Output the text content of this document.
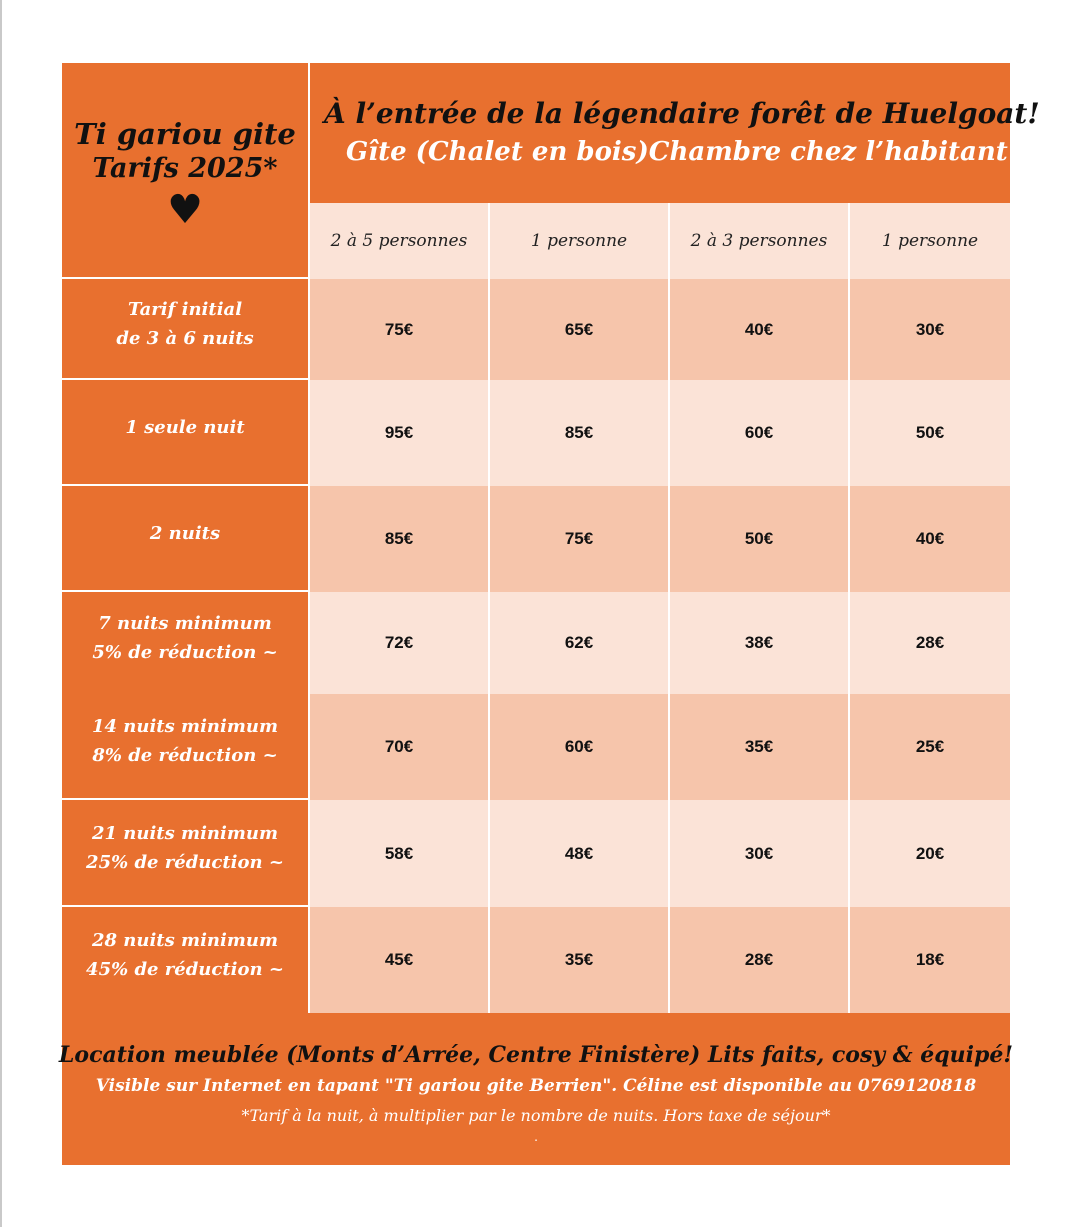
Ti gariou gite
Tarifs 2025*
♥
À l’entrée de la légendaire forêt de Huelgoat!
Gîte (Chalet en bois) Chambre chez l’habitant
2 à 5 personnes	1 personne	2 à 3 personnes	1 personne
Tarif initial
de 3 à 6 nuits	75€	65€	40€	30€
1 seule nuit	95€	85€	60€	50€
2 nuits	85€	75€	50€	40€
7 nuits minimum
5% de réduction ~	72€	62€	38€	28€
14 nuits minimum
8% de réduction ~	70€	60€	35€	25€
21 nuits minimum
25% de réduction ~	58€	48€	30€	20€
28 nuits minimum
45% de réduction ~	45€	35€	28€	18€
Location meublée (Monts d’Arrée, Centre Finistère) Lits faits, cosy & équipé!
Visible sur Internet en tapant "Ti gariou gite Berrien". Céline est disponible au 0769120818
*Tarif à la nuit, à multiplier par le nombre de nuits. Hors taxe de séjour*
.
